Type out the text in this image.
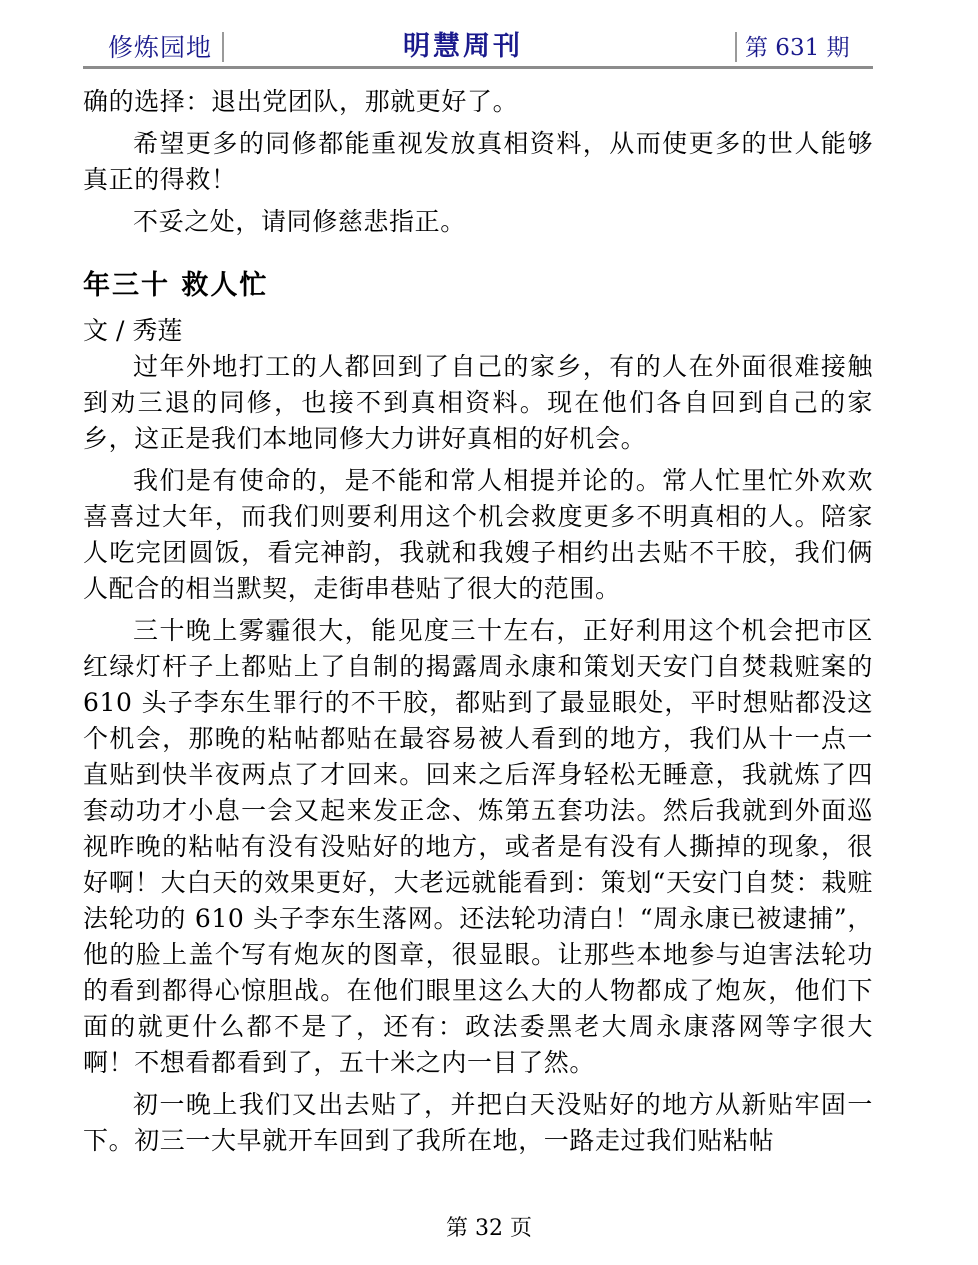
修炼园地	明慧周刊	第 631 期

确的选择：退出党团队，那就更好了。

希望更多的同修都能重视发放真相资料，从而使更多的世人能够真正的得救！

不妥之处，请同修慈悲指正。

年三十 救人忙

文 / 秀莲

过年外地打工的人都回到了自己的家乡，有的人在外面很难接触到劝三退的同修，也接不到真相资料。现在他们各自回到自己的家乡，这正是我们本地同修大力讲好真相的好机会。

我们是有使命的，是不能和常人相提并论的。常人忙里忙外欢欢喜喜过大年，而我们则要利用这个机会救度更多不明真相的人。陪家人吃完团圆饭，看完神韵，我就和我嫂子相约出去贴不干胶，我们俩人配合的相当默契，走街串巷贴了很大的范围。

三十晚上雾霾很大，能见度三十左右，正好利用这个机会把市区红绿灯杆子上都贴上了自制的揭露周永康和策划天安门自焚栽赃案的 610 头子李东生罪行的不干胶，都贴到了最显眼处，平时想贴都没这个机会，那晚的粘帖都贴在最容易被人看到的地方，我们从十一点一直贴到快半夜两点了才回来。回来之后浑身轻松无睡意，我就炼了四套动功才小息一会又起来发正念、炼第五套功法。然后我就到外面巡视昨晚的粘帖有没有没贴好的地方，或者是有没有人撕掉的现象，很好啊！大白天的效果更好，大老远就能看到：策划“天安门自焚：栽赃法轮功的 610 头子李东生落网。还法轮功清白！“周永康已被逮捕”，他的脸上盖个写有炮灰的图章，很显眼。让那些本地参与迫害法轮功的看到都得心惊胆战。在他们眼里这么大的人物都成了炮灰，他们下面的就更什么都不是了，还有：政法委黑老大周永康落网等字很大啊！不想看都看到了，五十米之内一目了然。

初一晚上我们又出去贴了，并把白天没贴好的地方从新贴牢固一下。初三一大早就开车回到了我所在地，一路走过我们贴粘帖

第 32 页
